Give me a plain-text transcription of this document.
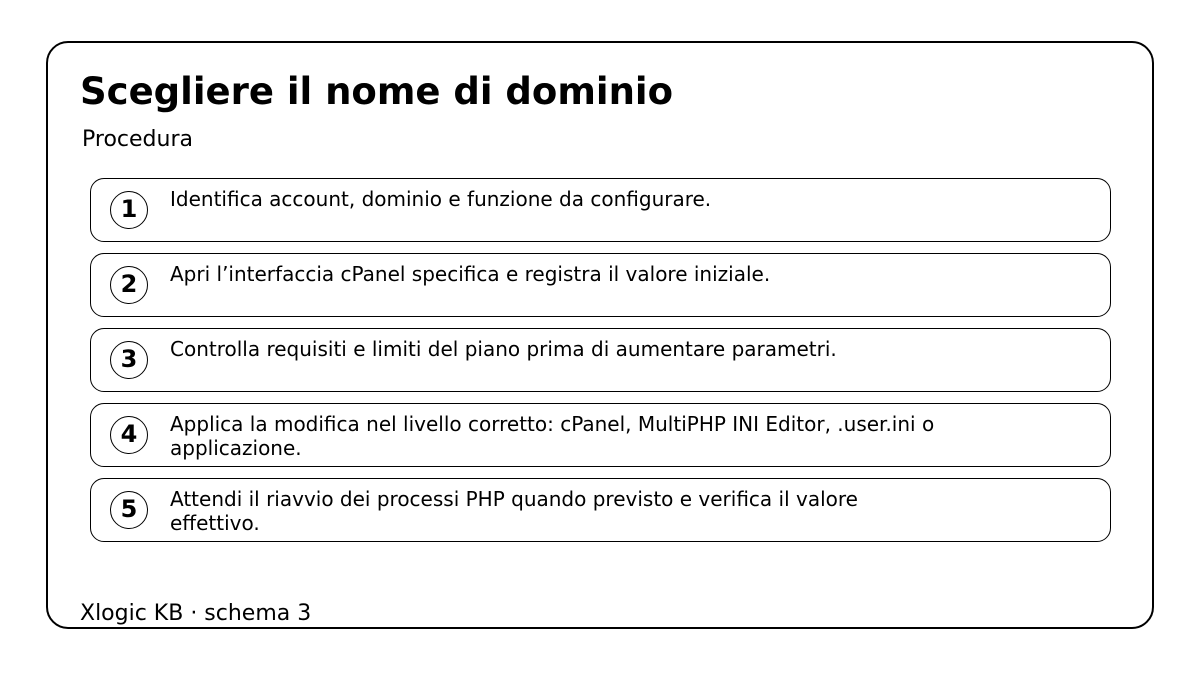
Scegliere il nome di dominio
Procedura
1	Identifica account, dominio e funzione da configurare.
2	Apri l’interfaccia cPanel specifica e registra il valore iniziale.
3	Controlla requisiti e limiti del piano prima di aumentare parametri.
4	Applica la modifica nel livello corretto: cPanel, MultiPHP INI Editor, .user.ini o applicazione.
5	Attendi il riavvio dei processi PHP quando previsto e verifica il valore effettivo.
Xlogic KB · schema 3
